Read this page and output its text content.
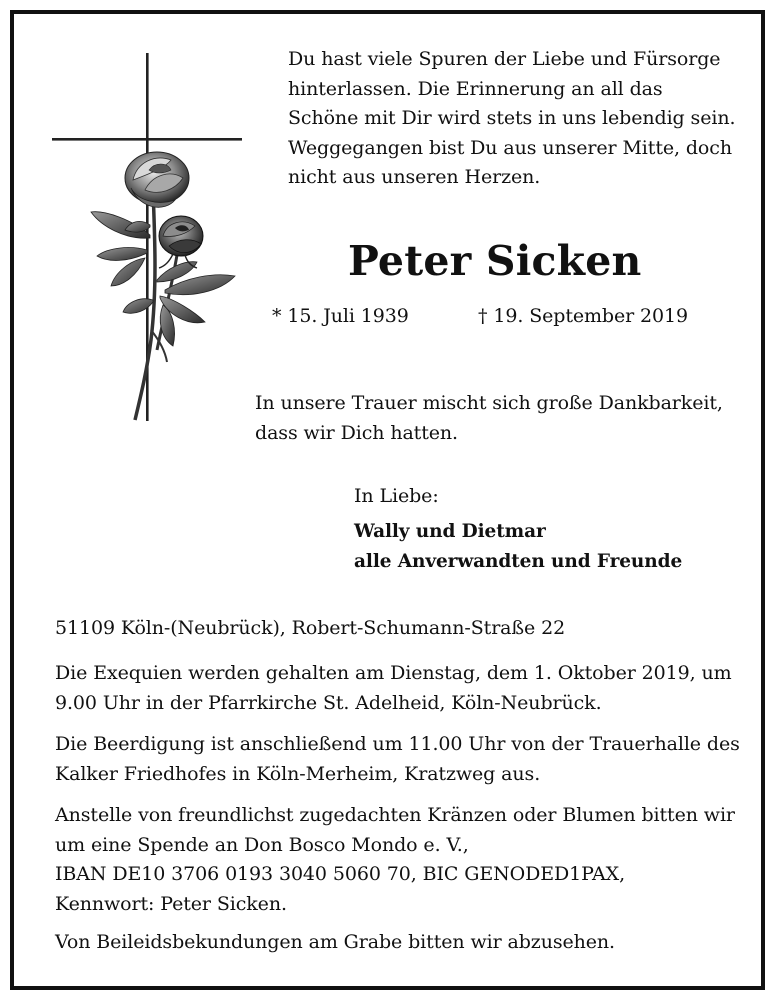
Du hast viele Spuren der Liebe und Fürsorge
hinterlassen. Die Erinnerung an all das
Schöne mit Dir wird stets in uns lebendig sein.
Weggegangen bist Du aus unserer Mitte, doch
nicht aus unseren Herzen.
Peter Sicken
* 15. Juli 1939	† 19. September 2019
In unsere Trauer mischt sich große Dankbarkeit,
dass wir Dich hatten.
In Liebe:
Wally und Dietmar
alle Anverwandten und Freunde
51109 Köln-(Neubrück), Robert-Schumann-Straße 22
Die Exequien werden gehalten am Dienstag, dem 1. Oktober 2019, um
9.00 Uhr in der Pfarrkirche St. Adelheid, Köln-Neubrück.
Die Beerdigung ist anschließend um 11.00 Uhr von der Trauerhalle des
Kalker Friedhofes in Köln-Merheim, Kratzweg aus.
Anstelle von freundlichst zugedachten Kränzen oder Blumen bitten wir
um eine Spende an Don Bosco Mondo e. V.,
IBAN DE10 3706 0193 3040 5060 70, BIC GENODED1PAX,
Kennwort: Peter Sicken.
Von Beileidsbekundungen am Grabe bitten wir abzusehen.
